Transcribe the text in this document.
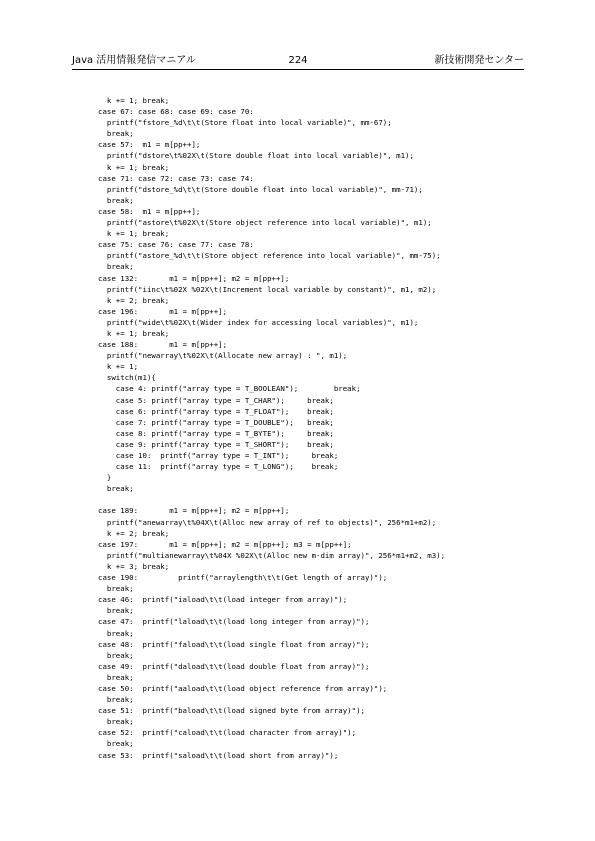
Java 活用情報発信マニアル	224	新技術開発センター
k += 1; break;
case 67: case 68: case 69: case 70:
printf("fstore_%d\t\t(Store float into local variable)", mm-67);
break;
case 57:  m1 = m[pp++];
printf("dstore\t%02X\t(Store double float into local variable)", m1);
k += 1; break;
case 71: case 72: case 73: case 74:
printf("dstore_%d\t\t(Store double float into local variable)", mm-71);
break;
case 58:  m1 = m[pp++];
printf("astore\t%02X\t(Store object reference into local variable)", m1);
k += 1; break;
case 75: case 76: case 77: case 78:
printf("astore_%d\t\t(Store object reference into local variable)", mm-75);
break;
case 132:       m1 = m[pp++]; m2 = m[pp++];
printf("iinc\t%02X %02X\t(Increment local variable by constant)", m1, m2);
k += 2; break;
case 196:       m1 = m[pp++];
printf("wide\t%02X\t(Wider index for accessing local variables)", m1);
k += 1; break;
case 188:       m1 = m[pp++];
printf("newarray\t%02X\t(Allocate new array) : ", m1);
k += 1;
switch(m1){
case 4: printf("array type = T_BOOLEAN");        break;
case 5: printf("array type = T_CHAR");     break;
case 6: printf("array type = T_FLOAT");    break;
case 7: printf("array type = T_DOUBLE");   break;
case 8: printf("array type = T_BYTE");     break;
case 9: printf("array type = T_SHORT");    break;
case 10:  printf("array type = T_INT");     break;
case 11:  printf("array type = T_LONG");    break;
}
break;
case 189:       m1 = m[pp++]; m2 = m[pp++];
printf("anewarray\t%04X\t(Alloc new array of ref to objects)", 256*m1+m2);
k += 2; break;
case 197:       m1 = m[pp++]; m2 = m[pp++]; m3 = m[pp++];
printf("multianewarray\t%04X %02X\t(Alloc new m-dim array)", 256*m1+m2, m3);
k += 3; break;
case 190:         printf("arraylength\t\t(Get length of array)");
break;
case 46:  printf("iaload\t\t(load integer from array)");
break;
case 47:  printf("laload\t\t(load long integer from array)");
break;
case 48:  printf("faload\t\t(load single float from array)");
break;
case 49:  printf("daload\t\t(load double float from array)");
break;
case 50:  printf("aaload\t\t(load object reference from array)");
break;
case 51:  printf("baload\t\t(load signed byte from array)");
break;
case 52:  printf("caload\t\t(load character from array)");
break;
case 53:  printf("saload\t\t(load short from array)");
